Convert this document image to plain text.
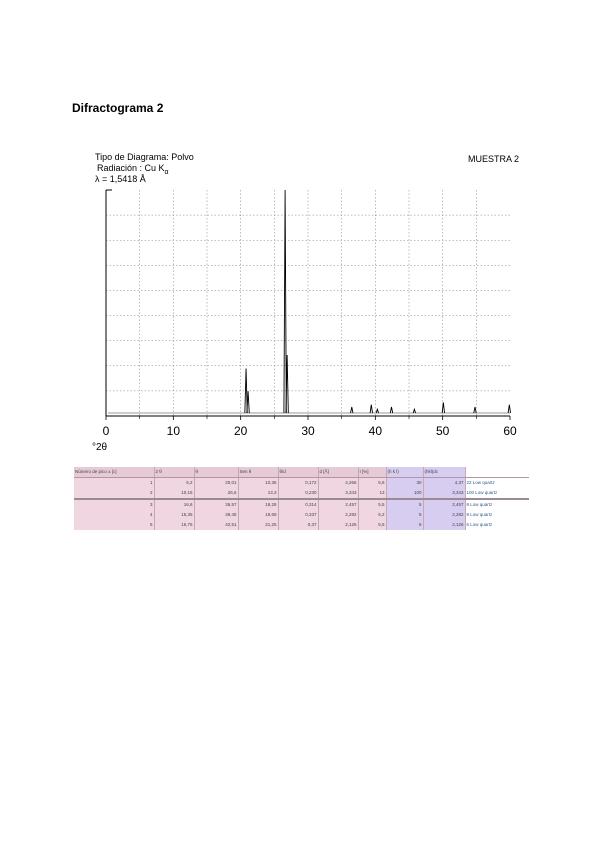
Difractograma 2
0	10	20	30	40	50	60
°2θ
Tipo de Diagrama: Polvo
Radiación : Cu $K_\alpha$
λ = 1,5418 Å
MUESTRA 2
Número de pico ± [c]	2 θ	θ	Sen θ	θ/d	d [Å]	I [%]	(h k l)	(hkl)dc	
1	5,2	20,01	10,36	0,172	4,266	5,6	30	4,37	22 Low quartz
2	10,15	26,6	13,3	0,230	3,343	13	100	3,343	100 Low quartz
3	16,6	36,57	18,28	0,314	2,457	5,5	5	2,457	8 Low quartz
4	15,35	39,45	19,69	0,337	2,282	5,2	5	2,282	8 Low quartz
5	16,75	42,51	21,25	0,37	2,126	5,5	6	2,126	6 Low quartz
